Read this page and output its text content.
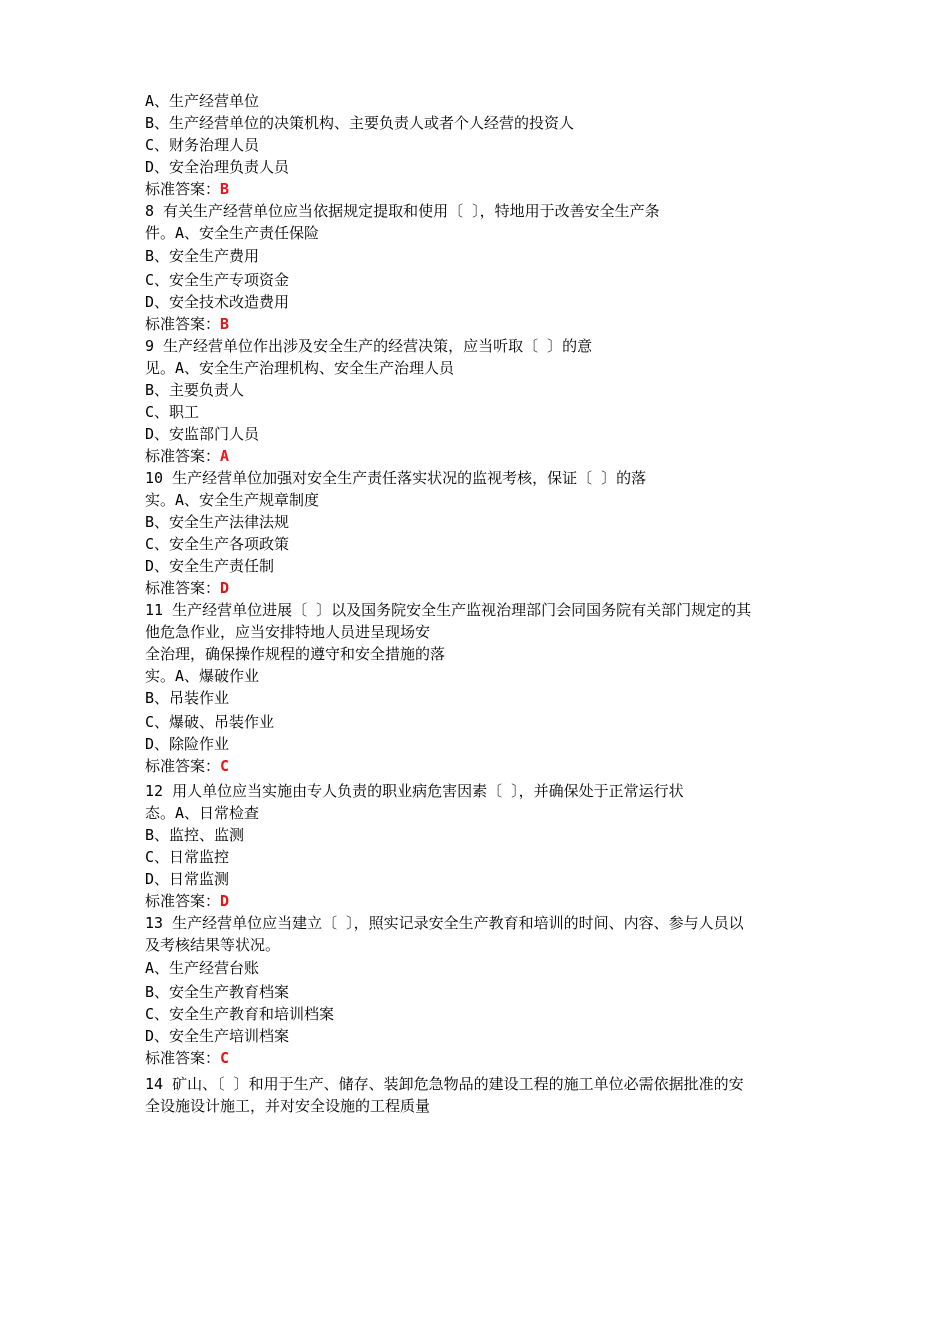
A、生产经营单位
B、生产经营单位的决策机构、主要负责人或者个人经营的投资人
C、财务治理人员
D、安全治理负责人员
标准答案：B
8 有关生产经营单位应当依据规定提取和使用〔 〕，特地用于改善安全生产条
件。A、安全生产责任保险
B、安全生产费用
C、安全生产专项资金
D、安全技术改造费用
标准答案：B
9 生产经营单位作出涉及安全生产的经营决策，应当听取〔 〕的意
见。A、安全生产治理机构、安全生产治理人员
B、主要负责人
C、职工
D、安监部门人员
标准答案：A
10 生产经营单位加强对安全生产责任落实状况的监视考核，保证〔 〕的落
实。A、安全生产规章制度
B、安全生产法律法规
C、安全生产各项政策
D、安全生产责任制
标准答案：D
11 生产经营单位进展〔 〕以及国务院安全生产监视治理部门会同国务院有关部门规定的其
他危急作业，应当安排特地人员进呈现场安
全治理，确保操作规程的遵守和安全措施的落
实。A、爆破作业
B、吊装作业
C、爆破、吊装作业
D、除险作业
标准答案：C
12 用人单位应当实施由专人负责的职业病危害因素〔 〕，并确保处于正常运行状
态。A、日常检查
B、监控、监测
C、日常监控
D、日常监测
标准答案：D
13 生产经营单位应当建立〔 〕，照实记录安全生产教育和培训的时间、内容、参与人员以
及考核结果等状况。
A、生产经营台账
B、安全生产教育档案
C、安全生产教育和培训档案
D、安全生产培训档案
标准答案：C
14 矿山、〔 〕和用于生产、储存、装卸危急物品的建设工程的施工单位必需依据批准的安
全设施设计施工，并对安全设施的工程质量
